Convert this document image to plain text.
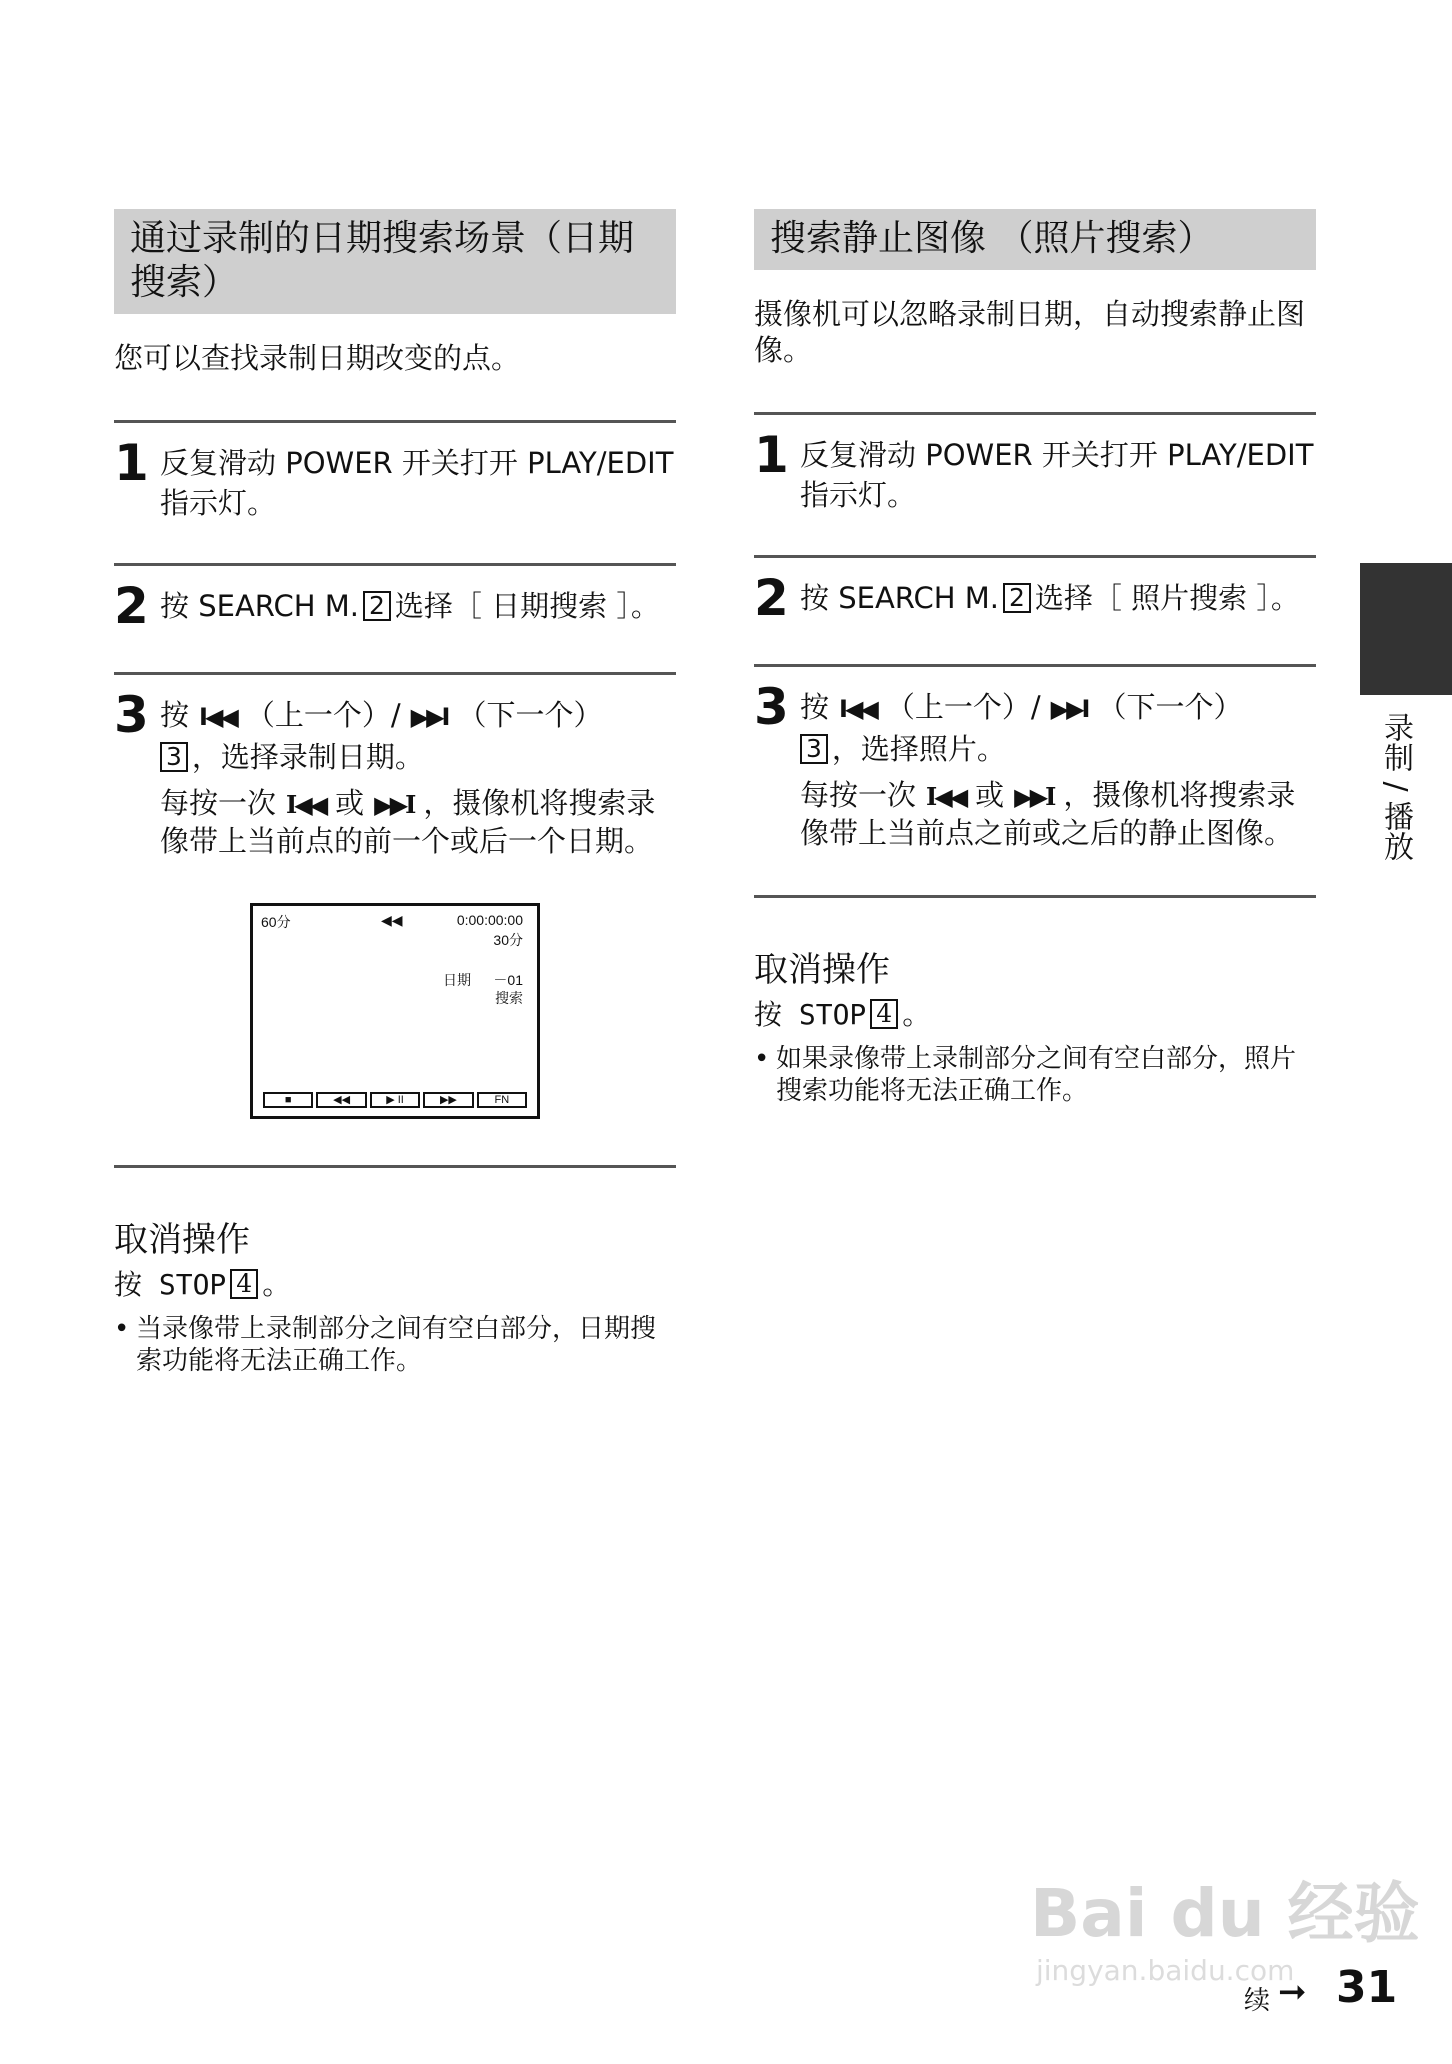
通过录制的日期搜索场景（日期搜索）
您可以查找录制日期改变的点。
1 反复滑动 POWER 开关打开 PLAY/EDIT 指示灯。
2 按 SEARCH M. 2 选择［ 日期搜索 ］。
3 按 I◀◀ （上一个）/ ▶▶I （下一个）
3 ，选择录制日期。
每按一次 I◀◀ 或 ▶▶I ，摄像机将搜索录像带上当前点的前一个或后一个日期。
60分	◀◀	0:00:00:00
30分
日期 －01
搜索
■	◀◀	▶ II	▶▶	FN
取消操作
按 STOP 4 。
• 当录像带上录制部分之间有空白部分，日期搜索功能将无法正确工作。
搜索静止图像 （照片搜索）
摄像机可以忽略录制日期，自动搜索静止图像。
1 反复滑动 POWER 开关打开 PLAY/EDIT 指示灯。
2 按 SEARCH M. 2 选择［ 照片搜索 ］。
3 按 I◀◀ （上一个）/ ▶▶I （下一个）
3 ，选择照片。
每按一次 I◀◀ 或 ▶▶I ，摄像机将搜索录像带上当前点之前或之后的静止图像。
取消操作
按 STOP 4 。
• 如果录像带上录制部分之间有空白部分，照片搜索功能将无法正确工作。
录制 / 播放
Bai du 经验
jingyan.baidu.com
续 ➞ 31
